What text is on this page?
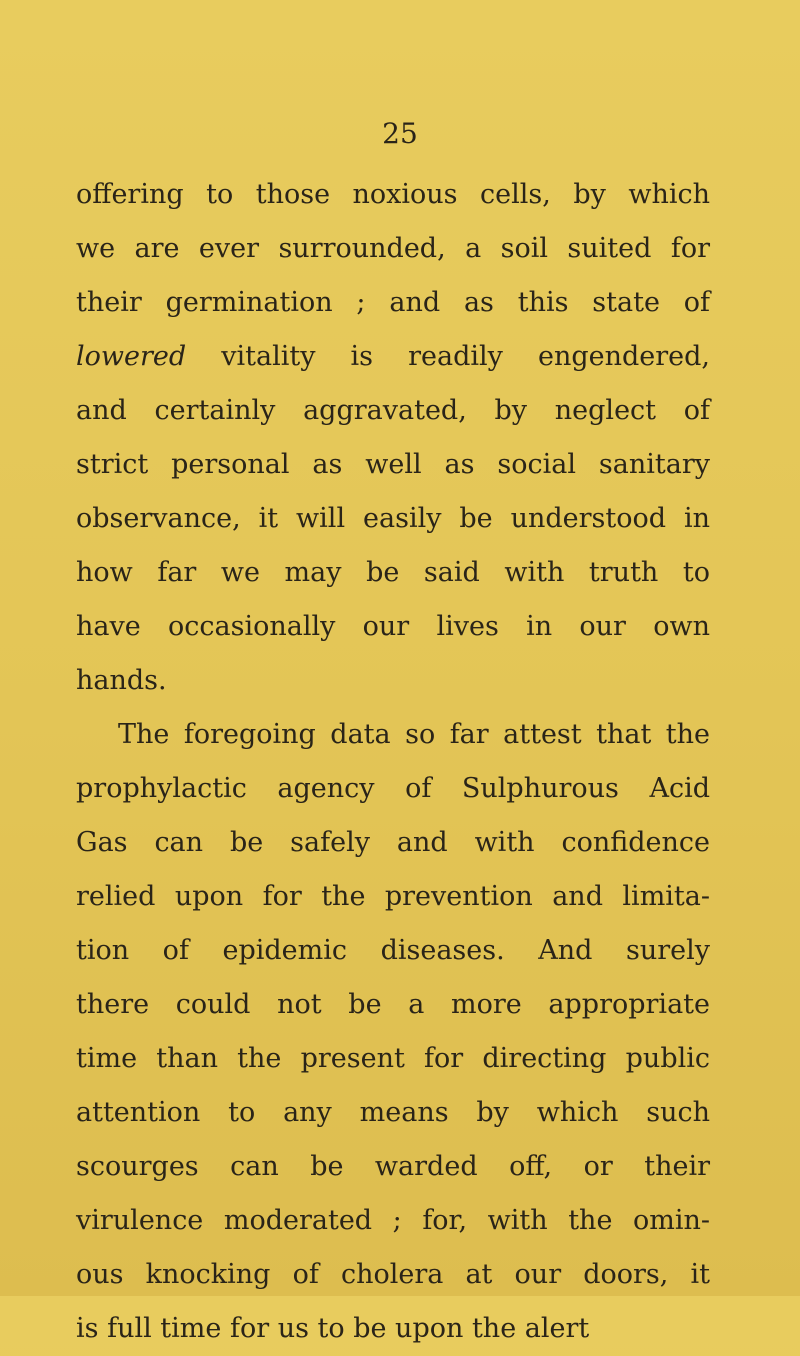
25
offering to those noxious cells, by which
we are ever surrounded, a soil suited for
their germination ; and as this state of
lowered vitality is readily engendered,
and certainly aggravated, by neglect of
strict personal as well as social sanitary
observance, it will easily be understood in
how far we may be said with truth to
have occasionally our lives in our own
hands.
The foregoing data so far attest that the
prophylactic agency of Sulphurous Acid
Gas can be safely and with confidence
relied upon for the prevention and limita-
tion of epidemic diseases. And surely
there could not be a more appropriate
time than the present for directing public
attention to any means by which such
scourges can be warded off, or their
virulence moderated ; for, with the omin-
ous knocking of cholera at our doors, it
is full time for us to be upon the alert
